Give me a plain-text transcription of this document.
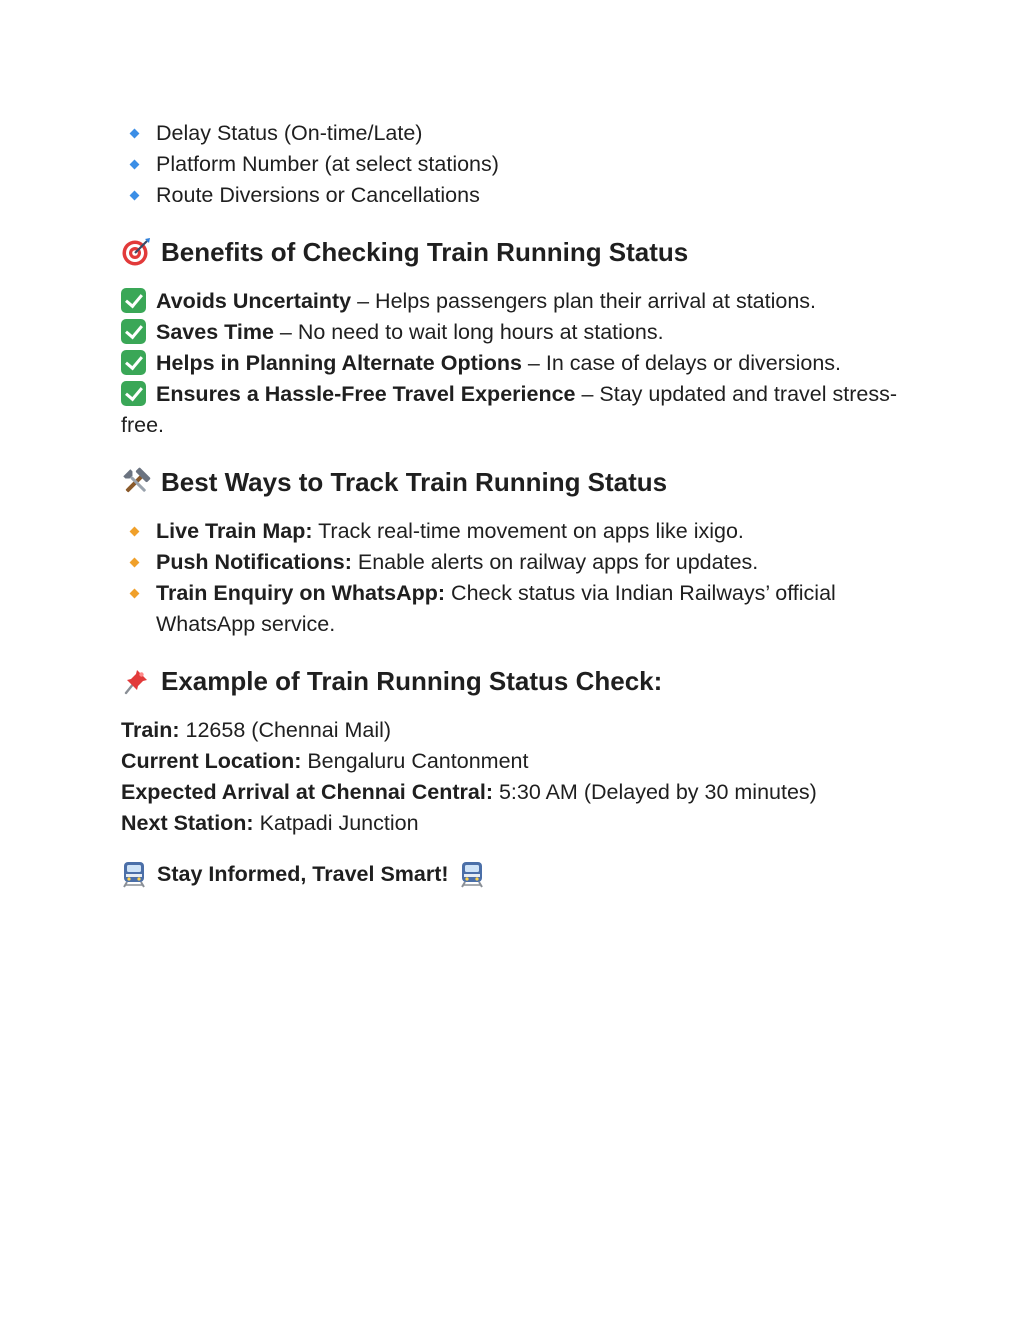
Delay Status (On-time/Late)
Platform Number (at select stations)
Route Diversions or Cancellations
Benefits of Checking Train Running Status
Avoids Uncertainty – Helps passengers plan their arrival at stations.
Saves Time – No need to wait long hours at stations.
Helps in Planning Alternate Options – In case of delays or diversions.
Ensures a Hassle-Free Travel Experience – Stay updated and travel stress-free.
Best Ways to Track Train Running Status
Live Train Map: Track real-time movement on apps like ixigo.
Push Notifications: Enable alerts on railway apps for updates.
Train Enquiry on WhatsApp: Check status via Indian Railways’ official WhatsApp service.
Example of Train Running Status Check:
Train: 12658 (Chennai Mail)
Current Location: Bengaluru Cantonment
Expected Arrival at Chennai Central: 5:30 AM (Delayed by 30 minutes)
Next Station: Katpadi Junction
Stay Informed, Travel Smart!
